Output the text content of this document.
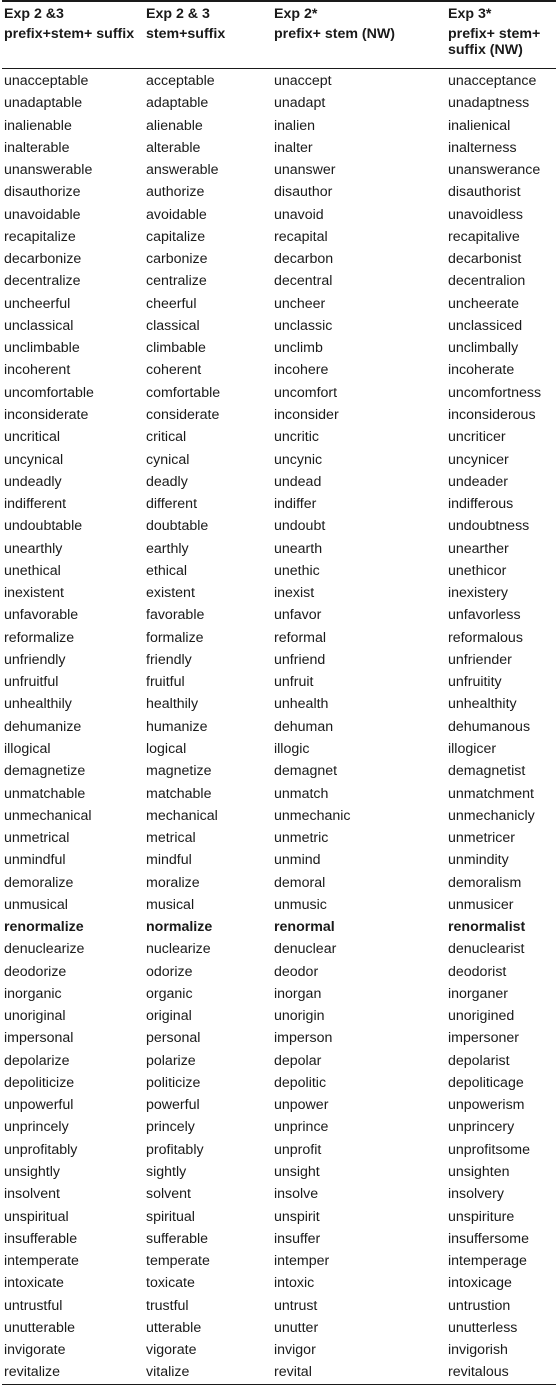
Exp 2 &3	Exp 2 & 3	Exp 2*	Exp 3*
prefix+stem+ suffix	stem+suffix	prefix+ stem (NW)	prefix+ stem+ suffix (NW)
unacceptable	acceptable	unaccept	unacceptance
unadaptable	adaptable	unadapt	unadaptness
inalienable	alienable	inalien	inalienical
inalterable	alterable	inalter	inalterness
unanswerable	answerable	unanswer	unanswerance
disauthorize	authorize	disauthor	disauthorist
unavoidable	avoidable	unavoid	unavoidless
recapitalize	capitalize	recapital	recapitalive
decarbonize	carbonize	decarbon	decarbonist
decentralize	centralize	decentral	decentralion
uncheerful	cheerful	uncheer	uncheerate
unclassical	classical	unclassic	unclassiced
unclimbable	climbable	unclimb	unclimbally
incoherent	coherent	incohere	incoherate
uncomfortable	comfortable	uncomfort	uncomfortness
inconsiderate	considerate	inconsider	inconsiderous
uncritical	critical	uncritic	uncriticer
uncynical	cynical	uncynic	uncynicer
undeadly	deadly	undead	undeader
indifferent	different	indiffer	indifferous
undoubtable	doubtable	undoubt	undoubtness
unearthly	earthly	unearth	unearther
unethical	ethical	unethic	unethicor
inexistent	existent	inexist	inexistery
unfavorable	favorable	unfavor	unfavorless
reformalize	formalize	reformal	reformalous
unfriendly	friendly	unfriend	unfriender
unfruitful	fruitful	unfruit	unfruitity
unhealthily	healthily	unhealth	unhealthity
dehumanize	humanize	dehuman	dehumanous
illogical	logical	illogic	illogicer
demagnetize	magnetize	demagnet	demagnetist
unmatchable	matchable	unmatch	unmatchment
unmechanical	mechanical	unmechanic	unmechanicly
unmetrical	metrical	unmetric	unmetricer
unmindful	mindful	unmind	unmindity
demoralize	moralize	demoral	demoralism
unmusical	musical	unmusic	unmusicer
renormalize	normalize	renormal	renormalist
denuclearize	nuclearize	denuclear	denuclearist
deodorize	odorize	deodor	deodorist
inorganic	organic	inorgan	inorganer
unoriginal	original	unorigin	unorigined
impersonal	personal	imperson	impersoner
depolarize	polarize	depolar	depolarist
depoliticize	politicize	depolitic	depoliticage
unpowerful	powerful	unpower	unpowerism
unprincely	princely	unprince	unprincery
unprofitably	profitably	unprofit	unprofitsome
unsightly	sightly	unsight	unsighten
insolvent	solvent	insolve	insolvery
unspiritual	spiritual	unspirit	unspiriture
insufferable	sufferable	insuffer	insuffersome
intemperate	temperate	intemper	intemperage
intoxicate	toxicate	intoxic	intoxicage
untrustful	trustful	untrust	untrustion
unutterable	utterable	unutter	unutterless
invigorate	vigorate	invigor	invigorish
revitalize	vitalize	revital	revitalous
